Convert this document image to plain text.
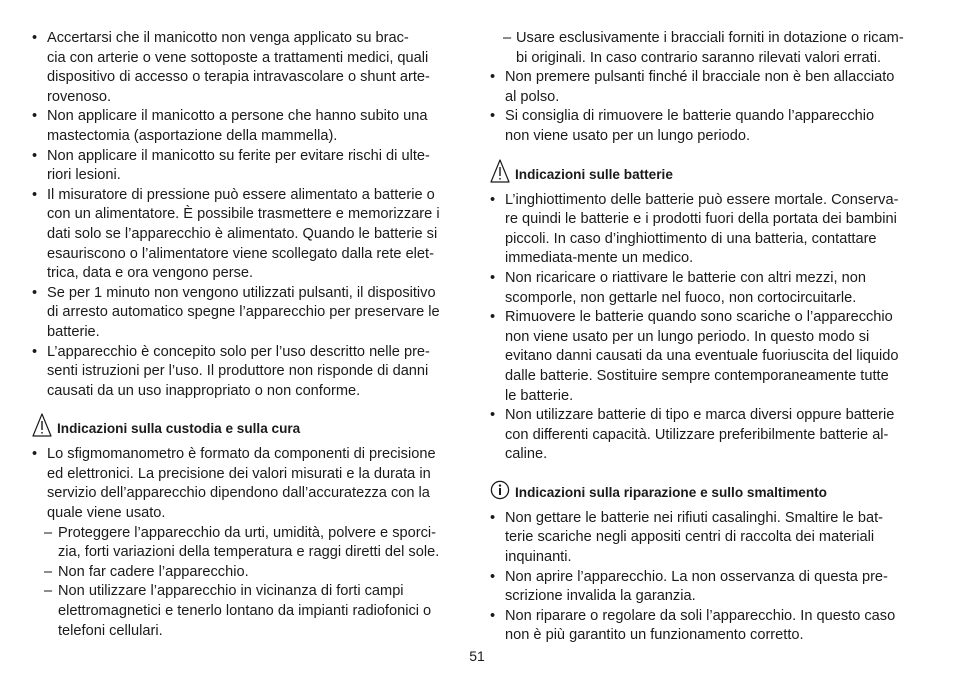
• Accertarsi che il manicotto non venga applicato su brac-
cia con arterie o vene sottoposte a trattamenti medici, quali
dispositivo di accesso o terapia intravascolare o shunt arte-
rovenoso.
• Non applicare il manicotto a persone che hanno subito una
mastectomia (asportazione della mammella).
• Non applicare il manicotto su ferite per evitare rischi di ulte-
riori lesioni.
• Il misuratore di pressione può essere alimentato a batterie o
con un alimentatore. È possibile trasmettere e memorizzare i
dati solo se l’apparecchio è alimentato. Quando le batterie si
esauriscono o l’alimentatore viene scollegato dalla rete elet-
trica, data e ora vengono perse.
• Se per 1 minuto non vengono utilizzati pulsanti, il dispositivo
di arresto automatico spegne l’apparecchio per preservare le
batterie.
• L’apparecchio è concepito solo per l’uso descritto nelle pre-
senti istruzioni per l’uso. Il produttore non risponde di danni
causati da un uso inappropriato o non conforme.
Indicazioni sulla custodia e sulla cura
• Lo sfigmomanometro è formato da componenti di precisione
ed elettronici. La precisione dei valori misurati e la durata in
servizio dell’apparecchio dipendono dall’accuratezza con la
quale viene usato.
– Proteggere l’apparecchio da urti, umidità, polvere e sporci-
zia, forti variazioni della temperatura e raggi diretti del sole.
– Non far cadere l’apparecchio.
– Non utilizzare l’apparecchio in vicinanza di forti campi
elettromagnetici e tenerlo lontano da impianti radiofonici o
telefoni cellulari.
– Usare esclusivamente i bracciali forniti in dotazione o ricam-
bi originali. In caso contrario saranno rilevati valori errati.
• Non premere pulsanti finché il bracciale non è ben allacciato
al polso.
• Si consiglia di rimuovere le batterie quando l’apparecchio
non viene usato per un lungo periodo.
Indicazioni sulle batterie
• L’inghiottimento delle batterie può essere mortale. Conserva-
re quindi le batterie e i prodotti fuori della portata dei bambini
piccoli. In caso d’inghiottimento di una batteria, contattare
immediata-mente un medico.
• Non ricaricare o riattivare le batterie con altri mezzi, non
scomporle, non gettarle nel fuoco, non cortocircuitarle.
• Rimuovere le batterie quando sono scariche o l’apparecchio
non viene usato per un lungo periodo. In questo modo si
evitano danni causati da una eventuale fuoriuscita del liquido
dalle batterie. Sostituire sempre contemporaneamente tutte
le batterie.
• Non utilizzare batterie di tipo e marca diversi oppure batterie
con differenti capacità. Utilizzare preferibilmente batterie al-
caline.
Indicazioni sulla riparazione e sullo smaltimento
• Non gettare le batterie nei rifiuti casalinghi. Smaltire le bat-
terie scariche negli appositi centri di raccolta dei materiali
inquinanti.
• Non aprire l’apparecchio. La non osservanza di questa pre-
scrizione invalida la garanzia.
• Non riparare o regolare da soli l’apparecchio. In questo caso
non è più garantito un funzionamento corretto.
51
